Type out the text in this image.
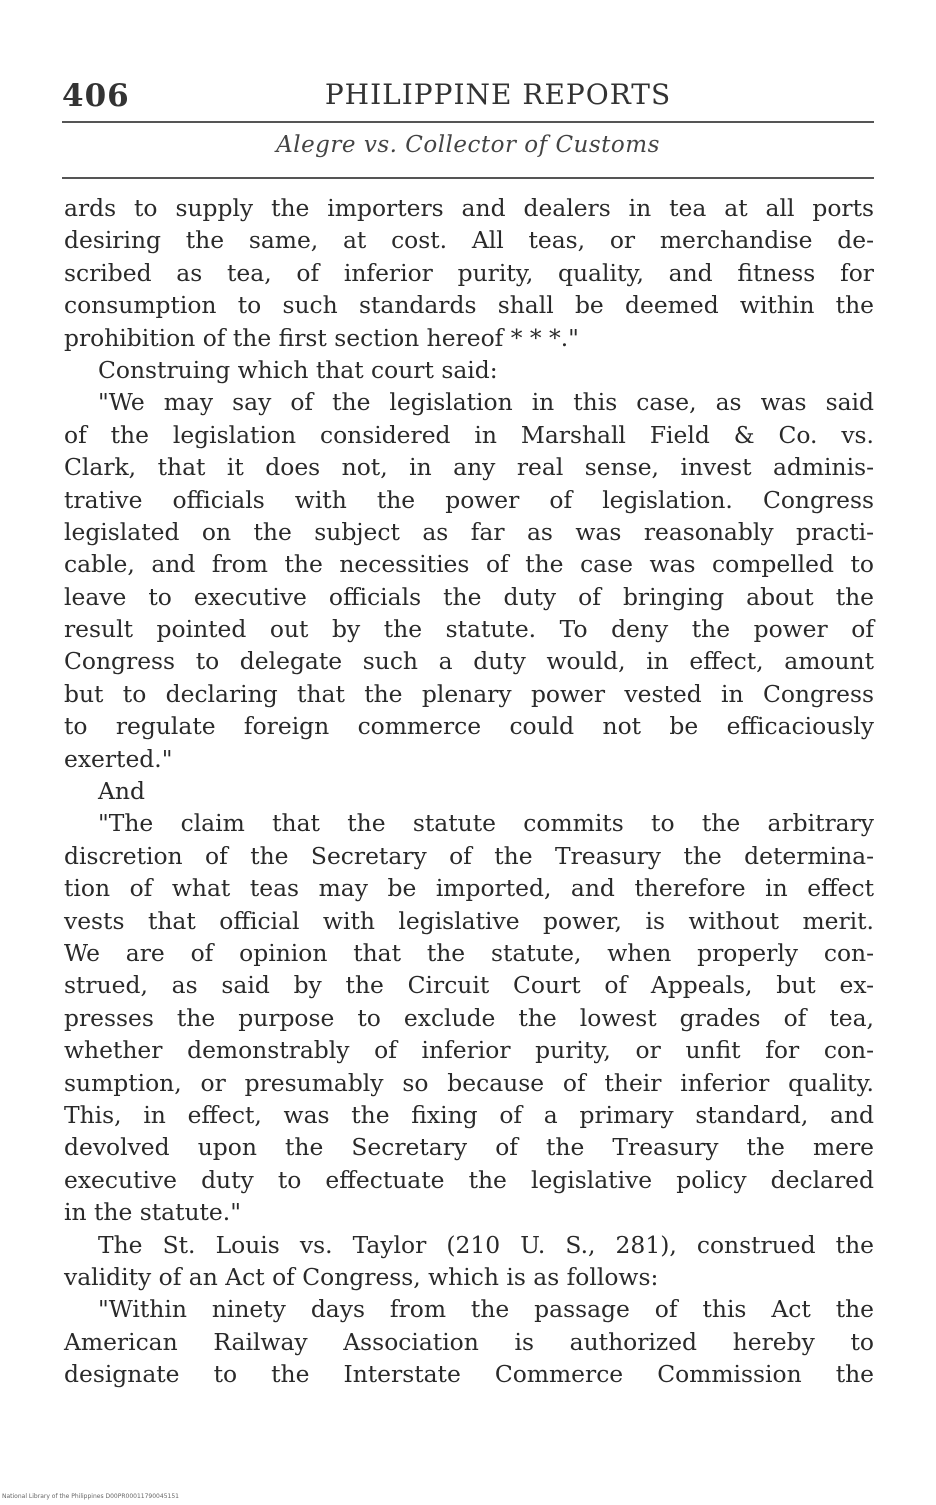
406	PHILIPPINE REPORTS
Alegre vs. Collector of Customs
ards to supply the importers and dealers in tea at all ports
desiring the same, at cost. All teas, or merchandise de-
scribed as tea, of inferior purity, quality, and fitness for
consumption to such standards shall be deemed within the
prohibition of the first section hereof * * *."
Construing which that court said:
"We may say of the legislation in this case, as was said
of the legislation considered in Marshall Field & Co. vs.
Clark, that it does not, in any real sense, invest adminis-
trative officials with the power of legislation. Congress
legislated on the subject as far as was reasonably practi-
cable, and from the necessities of the case was compelled to
leave to executive officials the duty of bringing about the
result pointed out by the statute. To deny the power of
Congress to delegate such a duty would, in effect, amount
but to declaring that the plenary power vested in Congress
to regulate foreign commerce could not be efficaciously
exerted."
And
"The claim that the statute commits to the arbitrary
discretion of the Secretary of the Treasury the determina-
tion of what teas may be imported, and therefore in effect
vests that official with legislative power, is without merit.
We are of opinion that the statute, when properly con-
strued, as said by the Circuit Court of Appeals, but ex-
presses the purpose to exclude the lowest grades of tea,
whether demonstrably of inferior purity, or unfit for con-
sumption, or presumably so because of their inferior quality.
This, in effect, was the fixing of a primary standard, and
devolved upon the Secretary of the Treasury the mere
executive duty to effectuate the legislative policy declared
in the statute."
The St. Louis vs. Taylor (210 U. S., 281), construed the
validity of an Act of Congress, which is as follows:
"Within ninety days from the passage of this Act the
American Railway Association is authorized hereby to
designate to the Interstate Commerce Commission the
National Library of the Philippines D00PR00011790045151
